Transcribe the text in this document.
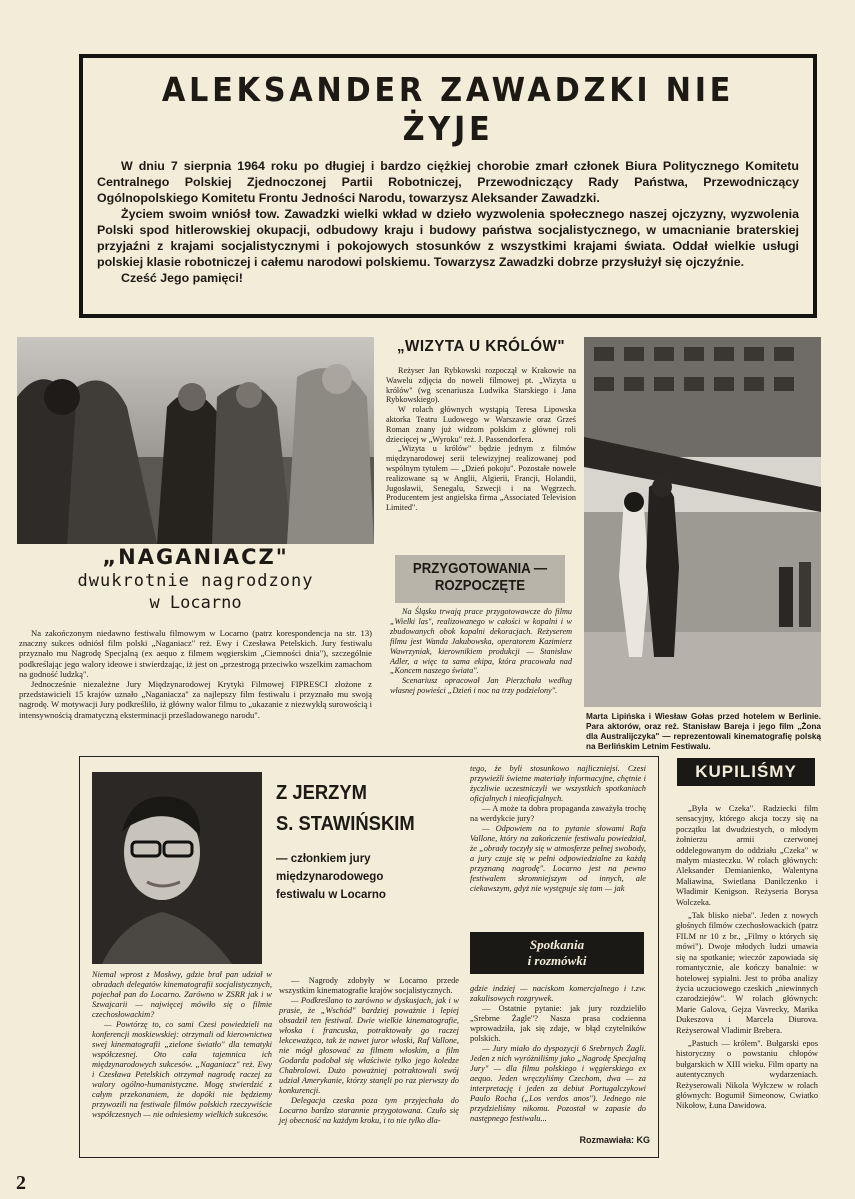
ALEKSANDER ZAWADZKI NIE ŻYJE

W dniu 7 sierpnia 1964 roku po długiej i bardzo ciężkiej chorobie zmarł członek Biura Politycznego Komitetu Centralnego Polskiej Zjednoczonej Partii Robotniczej, Przewodniczący Rady Państwa, Przewodniczący Ogólnopolskiego Komitetu Frontu Jedności Narodu, towarzysz Aleksander Zawadzki.

Życiem swoim wniósł tow. Zawadzki wielki wkład w dzieło wyzwolenia społecznego naszej ojczyzny, wyzwolenia Polski spod hitlerowskiej okupacji, odbudowy kraju i budowy państwa socjalistycznego, w umacnianie braterskiej przyjaźni z krajami socjalistycznymi i pokojowych stosunków z wszystkimi krajami świata. Oddał wielkie usługi polskiej klasie robotniczej i całemu narodowi polskiemu. Towarzysz Zawadzki dobrze przysłużył się ojczyźnie.

Cześć Jego pamięci!

„NAGANIACZ"
dwukrotnie nagrodzony
w Locarno

Na zakończonym niedawno festiwalu filmowym w Locarno (patrz korespondencja na str. 13) znaczny sukces odniósł film polski „Naganiacz" reż. Ewy i Czesława Petelskich. Jury festiwalu przyznało mu Nagrodę Specjalną (ex aequo z filmem węgierskim „Ciemności dnia"), szczególnie podkreślając jego walory ideowe i stwierdzając, iż jest on „przestrogą przeciwko wszelkim zamachom na godność ludzką".

Jednocześnie niezależne Jury Międzynarodowej Krytyki Filmowej FIPRESCI złożone z przedstawicieli 15 krajów uznało „Naganiacza" za najlepszy film festiwalu i przyznało mu swoją nagrodę. W motywacji Jury podkreśliło, iż główny walor filmu to „ukazanie z niezwykłą surowością i intensywnością dramatyczną eksterminacji prześladowanego narodu".

„WIZYTA U KRÓLÓW"

Reżyser Jan Rybkowski rozpoczął w Krakowie na Wawelu zdjęcia do noweli filmowej pt. „Wizyta u królów" (wg scenariusza Ludwika Starskiego i Jana Rybkowskiego).

W rolach głównych wystąpią Teresa Lipowska aktorka Teatru Ludowego w Warszawie oraz Grześ Roman znany już widzom polskim z głównej roli dziecięcej w „Wyroku" reż. J. Passendorfera.

„Wizyta u królów" będzie jednym z filmów międzynarodowej serii telewizyjnej realizowanej pod wspólnym tytułem — „Dzień pokoju". Pozostałe nowele realizowane są w Anglii, Algierii, Francji, Holandii, Jugosławii, Senegalu, Szwecji i na Węgrzech. Producentem jest angielska firma „Associated Television Limited".

PRZYGOTOWANIA —
ROZPOCZĘTE

Na Śląsku trwają prace przygotowawcze do filmu „Wielki las", realizowanego w całości w kopalni i w zbudowanych obok kopalni dekoracjach. Reżyserem filmu jest Wanda Jakubowska, operatorem Kazimierz Wawrzyniak, kierownikiem produkcji — Stanisław Adler, a więc ta sama ekipa, która pracowała nad „Koncem naszego świata".

Scenariusz opracował Jan Pierzchała według własnej powieści „Dzień i noc na trzy podzielony".

Marta Lipińska i Wiesław Gołas przed hotelem w Berlinie. Para aktorów, oraz reż. Stanisław Bareja i jego film „Żona dla Australijczyka" — reprezentowali kinematografię polską na Berlińskim Letnim Festiwalu.
Z JERZYM
S. STAWIŃSKIM
— członkiem jury międzynarodowego festiwalu w Locarno

Niemal wprost z Moskwy, gdzie brał pan udział w obradach delegatów kinematografii socjalistycznych, pojechał pan do Locarno. Zarówno w ZSRR jak i w Szwajcarii — najwięcej mówiło się o filmie czechosłowackim?

— Powtórzę to, co sami Czesi powiedzieli na konferencji moskiewskiej: otrzymali od kierownictwa swej kinematografii „zielone światło" dla tematyki współczesnej. Oto cała tajemnica ich międzynarodowych sukcesów. „Naganiacz" reż. Ewy i Czesława Petelskich otrzymał nagrodę raczej za walory ogólno-humanistyczne. Mogę stwierdzić z całym przekonaniem, że dopóki nie będziemy przywozili na festiwale filmów polskich rzeczywiście współczesnych — nie odniesiemy wielkich sukcesów.

— Nagrody zdobyły w Locarno przede wszystkim kinematografie krajów socjalistycznych.

— Podkreślano to zarówno w dyskusjach, jak i w prasie, że „Wschód" bardziej poważnie i lepiej obsadził ten festiwal. Dwie wielkie kinematografie, włoska i francuska, potraktowały go raczej lekceważąco, tak że nawet juror włoski, Raf Vallone, nie mógł głosować za filmem włoskim, a film Godarda podobał się właściwie tylko jego koledze Chabrolowi. Dużo poważniej potraktowali swój udział Amerykanie, którzy stanęli po raz pierwszy do konkurencji.

Delegacja czeska poza tym przyjechała do Locarno bardzo starannie przygotowana. Czuło się jej obecność na każdym kroku, i to nie tylko dla-

tego, że byli stosunkowo najliczniejsi. Czesi przywieźli świetne materiały informacyjne, chętnie i życzliwie uczestniczyli we wszystkich spotkaniach oficjalnych i nieoficjalnych.

— A może ta dobra propaganda zaważyła trochę na werdykcie jury?

— Odpowiem na to pytanie słowami Rafa Vallone, który na zakończenie festiwalu powiedział, że „obrady toczyły się w atmosferze pełnej swobody, a jury czuje się w pełni odpowiedzialne za każdą przyznaną nagrodę". Locarno jest na pewno festiwalem skromniejszym od innych, ale ciekawszym, gdyż nie występuje się tam — jak

Spotkania
i rozmówki

gdzie indziej — naciskom komercjalnego i t.zw. zakulisowych rozgrywek.

— Ostatnie pytanie: jak jury rozdzieliło „Srebrne Żagle"? Nasza prasa codzienna wprowadziła, jak się zdaje, w błąd czytelników polskich.

— Jury miało do dyspozycji 6 Srebrnych Żagli. Jeden z nich wyróżniliśmy jako „Nagrodę Specjalną Jury" — dla filmu polskiego i węgierskiego ex aequo. Jeden wręczyliśmy Czechom, dwa — za interpretację i jeden za debiut Portugalczykowi Paulo Rocha („Los verdos anos"). Jednego nie przydzieliśmy nikomu. Pozostał w zapasie do następnego festiwalu...

Rozmawiała: KG
KUPILIŚMY

„Była w Czeka". Radziecki film sensacyjny, którego akcja toczy się na początku lat dwudziestych, o młodym żołnierzu armii czerwonej oddelegowanym do oddziału „Czeka" w małym miasteczku. W rolach głównych: Aleksander Demianienko, Walentyna Maliawina, Swietlana Danilczenko i Władimir Kenigson. Reżyseria Borysa Wolczeka.

„Tak blisko nieba". Jeden z nowych głośnych filmów czechosłowackich (patrz FILM nr 10 z br., „Filmy o których się mówi"). Dwoje młodych ludzi umawia się na spotkanie; wieczór zapowiada się romantycznie, ale kończy banalnie: w hotelowej sypialni. Jest to próba analizy życia uczuciowego czeskich „niewinnych czarodziejów". W rolach głównych: Marie Galova, Gejza Vavrecky, Marika Dukeszova i Marcela Diurova. Reżyserował Vladimir Brebera.

„Pastuch — królem". Bułgarski epos historyczny o powstaniu chłopów bułgarskich w XIII wieku. Film oparty na autentycznych wydarzeniach. Reżyserowali Nikola Wyłczew w rolach głównych: Bogumił Simeonow, Cwiatko Nikołow, Łuna Dawidowa.

2
